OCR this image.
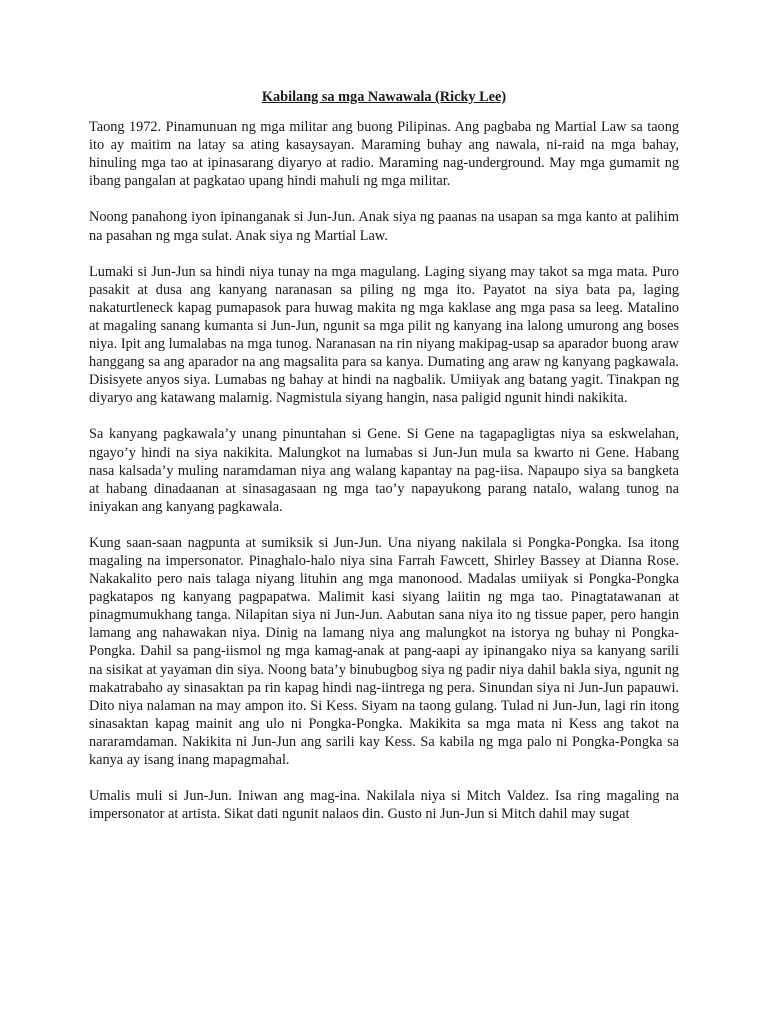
Kabilang sa mga Nawawala (Ricky Lee)

Taong 1972. Pinamunuan ng mga militar ang buong Pilipinas. Ang pagbaba ng Martial Law sa taong ito ay maitim na latay sa ating kasaysayan. Maraming buhay ang nawala, ni-raid na mga bahay, hinuling mga tao at ipinasarang diyaryo at radio. Maraming nag-underground. May mga gumamit ng ibang pangalan at pagkatao upang hindi mahuli ng mga militar.

Noong panahong iyon ipinanganak si Jun-Jun. Anak siya ng paanas na usapan sa mga kanto at palihim na pasahan ng mga sulat. Anak siya ng Martial Law.

Lumaki si Jun-Jun sa hindi niya tunay na mga magulang. Laging siyang may takot sa mga mata. Puro pasakit at dusa ang kanyang naranasan sa piling ng mga ito. Payatot na siya bata pa, laging nakaturtleneck kapag pumapasok para huwag makita ng mga kaklase ang mga pasa sa leeg. Matalino at magaling sanang kumanta si Jun-Jun, ngunit sa mga pilit ng kanyang ina lalong umurong ang boses niya. Ipit ang lumalabas na mga tunog. Naranasan na rin niyang makipag-usap sa aparador buong araw hanggang sa ang aparador na ang magsalita para sa kanya. Dumating ang araw ng kanyang pagkawala. Disisyete anyos siya. Lumabas ng bahay at hindi na nagbalik. Umiiyak ang batang yagit. Tinakpan ng diyaryo ang katawang malamig. Nagmistula siyang hangin, nasa paligid ngunit hindi nakikita.

Sa kanyang pagkawala’y unang pinuntahan si Gene. Si Gene na tagapagligtas niya sa eskwelahan, ngayo’y hindi na siya nakikita. Malungkot na lumabas si Jun-Jun mula sa kwarto ni Gene. Habang nasa kalsada’y muling naramdaman niya ang walang kapantay na pag-iisa. Napaupo siya sa bangketa at habang dinadaanan at sinasagasaan ng mga tao’y napayukong parang natalo, walang tunog na iniyakan ang kanyang pagkawala.

Kung saan-saan nagpunta at sumiksik si Jun-Jun. Una niyang nakilala si Pongka-Pongka. Isa itong magaling na impersonator. Pinaghalo-halo niya sina Farrah Fawcett, Shirley Bassey at Dianna Rose. Nakakalito pero nais talaga niyang lituhin ang mga manonood. Madalas umiiyak si Pongka-Pongka pagkatapos ng kanyang pagpapatwa. Malimit kasi siyang laiitin ng mga tao. Pinagtatawanan at pinagmumukhang tanga. Nilapitan siya ni Jun-Jun. Aabutan sana niya ito ng tissue paper, pero hangin lamang ang nahawakan niya. Dinig na lamang niya ang malungkot na istorya ng buhay ni Pongka-Pongka. Dahil sa pang-iismol ng mga kamag-anak at pang-aapi ay ipinangako niya sa kanyang sarili na sisikat at yayaman din siya. Noong bata’y binubugbog siya ng padir niya dahil bakla siya, ngunit ng makatrabaho ay sinasaktan pa rin kapag hindi nag-iintrega ng pera. Sinundan siya ni Jun-Jun papauwi. Dito niya nalaman na may ampon ito. Si Kess. Siyam na taong gulang. Tulad ni Jun-Jun, lagi rin itong sinasaktan kapag mainit ang ulo ni Pongka-Pongka. Makikita sa mga mata ni Kess ang takot na nararamdaman. Nakikita ni Jun-Jun ang sarili kay Kess. Sa kabila ng mga palo ni Pongka-Pongka sa kanya ay isang inang mapagmahal.

Umalis muli si Jun-Jun. Iniwan ang mag-ina. Nakilala niya si Mitch Valdez. Isa ring magaling na impersonator at artista. Sikat dati ngunit nalaos din. Gusto ni Jun-Jun si Mitch dahil may sugat
